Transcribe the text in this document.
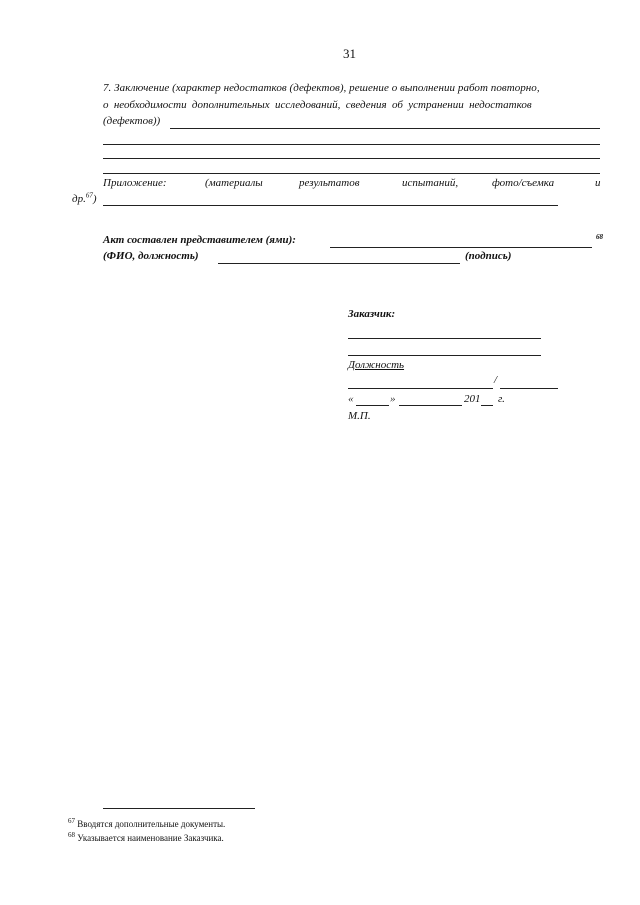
31
7. Заключение (характер недостатков (дефектов), решение о выполнении работ повторно,
о необходимости дополнительных исследований, сведения об устранении недостатков
(дефектов))
Приложение:	(материалы	результатов	испытаний,	фото/съемка	и
др.$^{67}$)
Акт составлен представителем (ями):	68
(ФИО, должность)	(подпись)
Заказчик:
Должность
/
«	»	201 г.
М.П.
$^{67}$ Вводятся дополнительные документы.
$^{68}$ Указывается наименование Заказчика.
